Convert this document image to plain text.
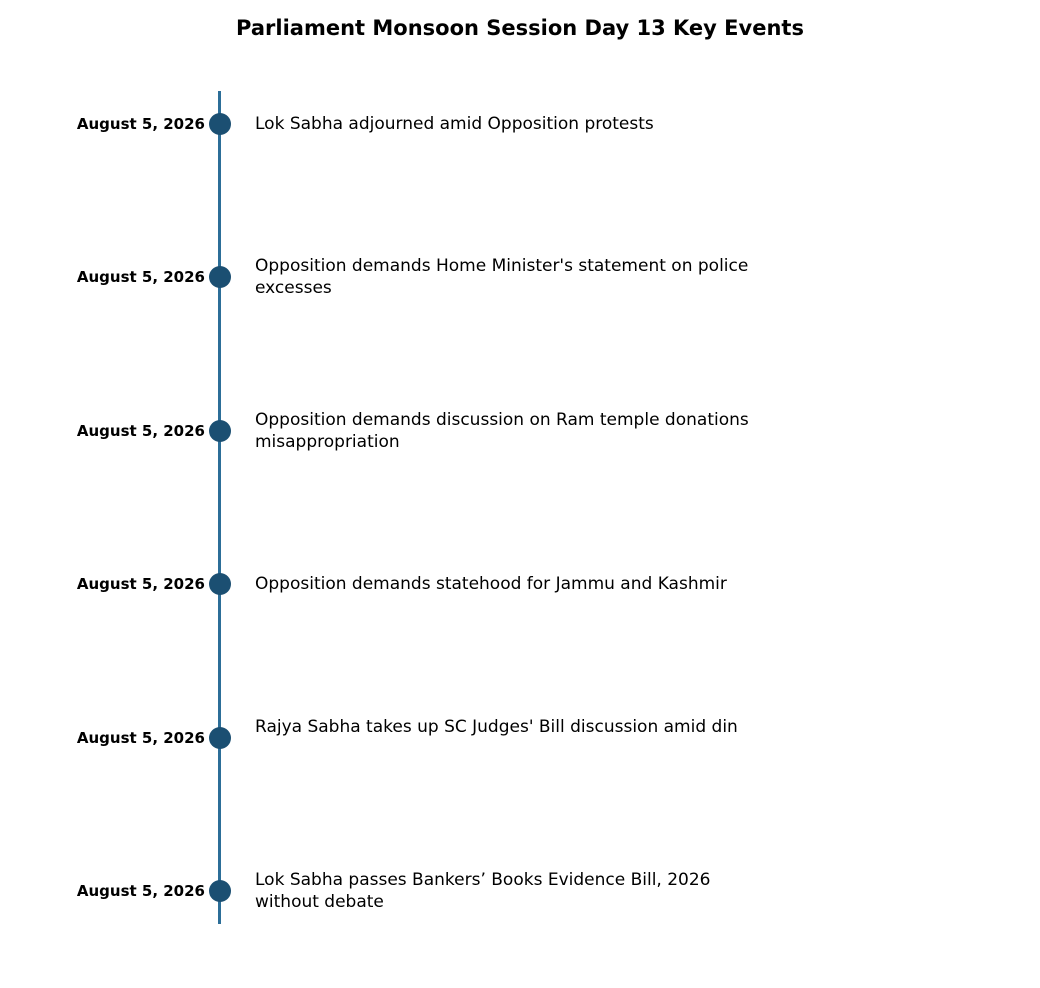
Parliament Monsoon Session Day 13 Key Events
August 5, 2026	Lok Sabha adjourned amid Opposition protests
August 5, 2026
Opposition demands Home Minister's statement on police excesses
August 5, 2026
Opposition demands discussion on Ram temple donations misappropriation
August 5, 2026	Opposition demands statehood for Jammu and Kashmir
August 5, 2026
Rajya Sabha takes up SC Judges' Bill discussion amid din
August 5, 2026
Lok Sabha passes Bankers’ Books Evidence Bill, 2026 without debate
